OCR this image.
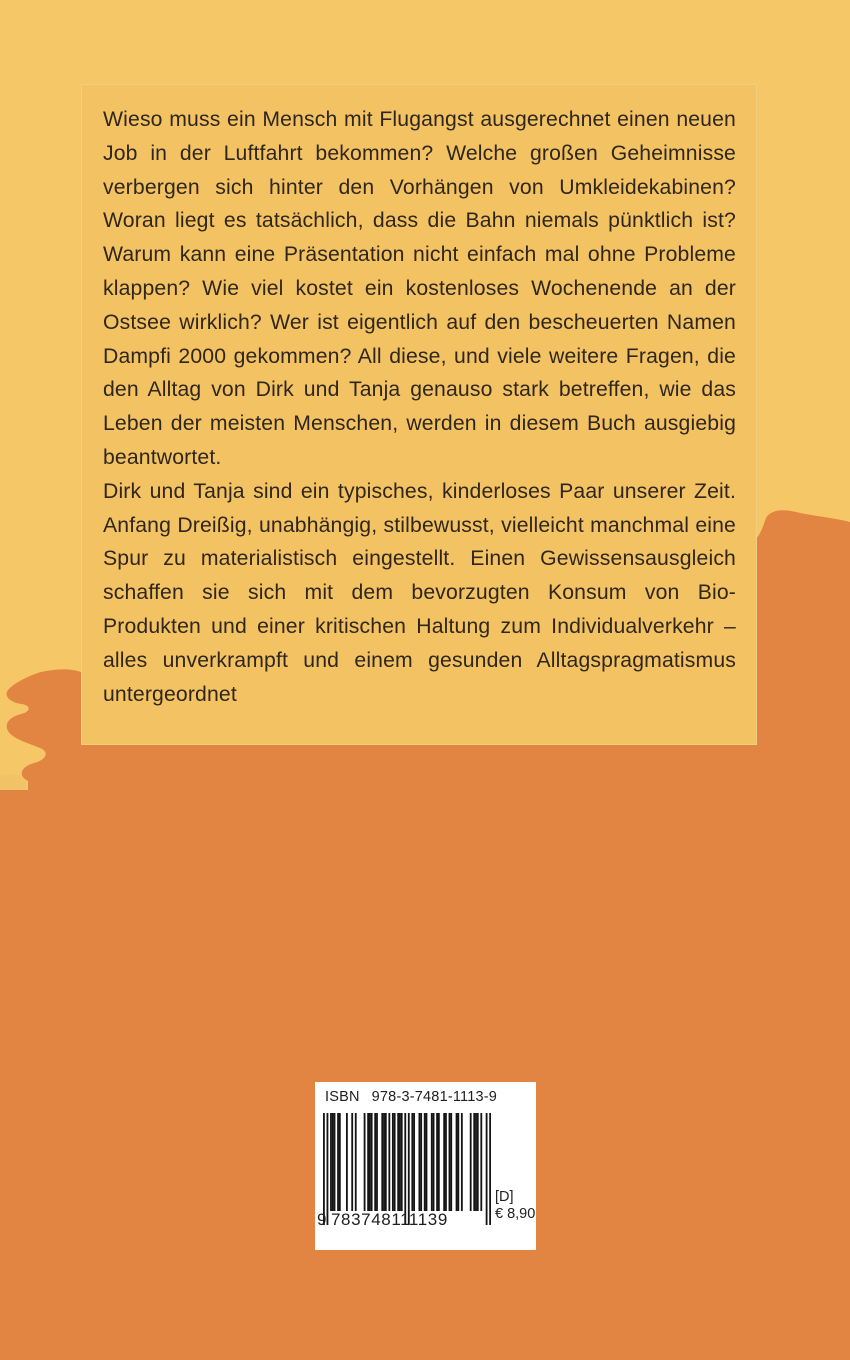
Wieso muss ein Mensch mit Flugangst ausgerechnet einen neuen Job in der Luftfahrt bekommen? Welche großen Geheimnisse verbergen sich hinter den Vorhängen von Umkleidekabinen? Woran liegt es tatsächlich, dass die Bahn niemals pünktlich ist? Warum kann eine Präsentation nicht einfach mal ohne Probleme klappen? Wie viel kostet ein kostenloses Wochenende an der Ostsee wirklich? Wer ist eigentlich auf den bescheuerten Namen Dampfi 2000 gekommen? All diese, und viele weitere Fragen, die den Alltag von Dirk und Tanja genauso stark betreffen, wie das Leben der meisten Menschen, werden in diesem Buch ausgiebig beantwortet.

Dirk und Tanja sind ein typisches, kinderloses Paar unserer Zeit. Anfang Dreißig, unabhängig, stilbewusst, vielleicht manchmal eine Spur zu materialistisch eingestellt. Einen Gewissensausgleich schaffen sie sich mit dem bevorzugten Konsum von Bio-Produkten und einer kritischen Haltung zum Individualverkehr – alles unverkrampft und einem gesunden Alltagspragmatismus untergeordnet

ISBN 978-3-7481-1113-9
9 783748111139
[D]
€ 8,90
